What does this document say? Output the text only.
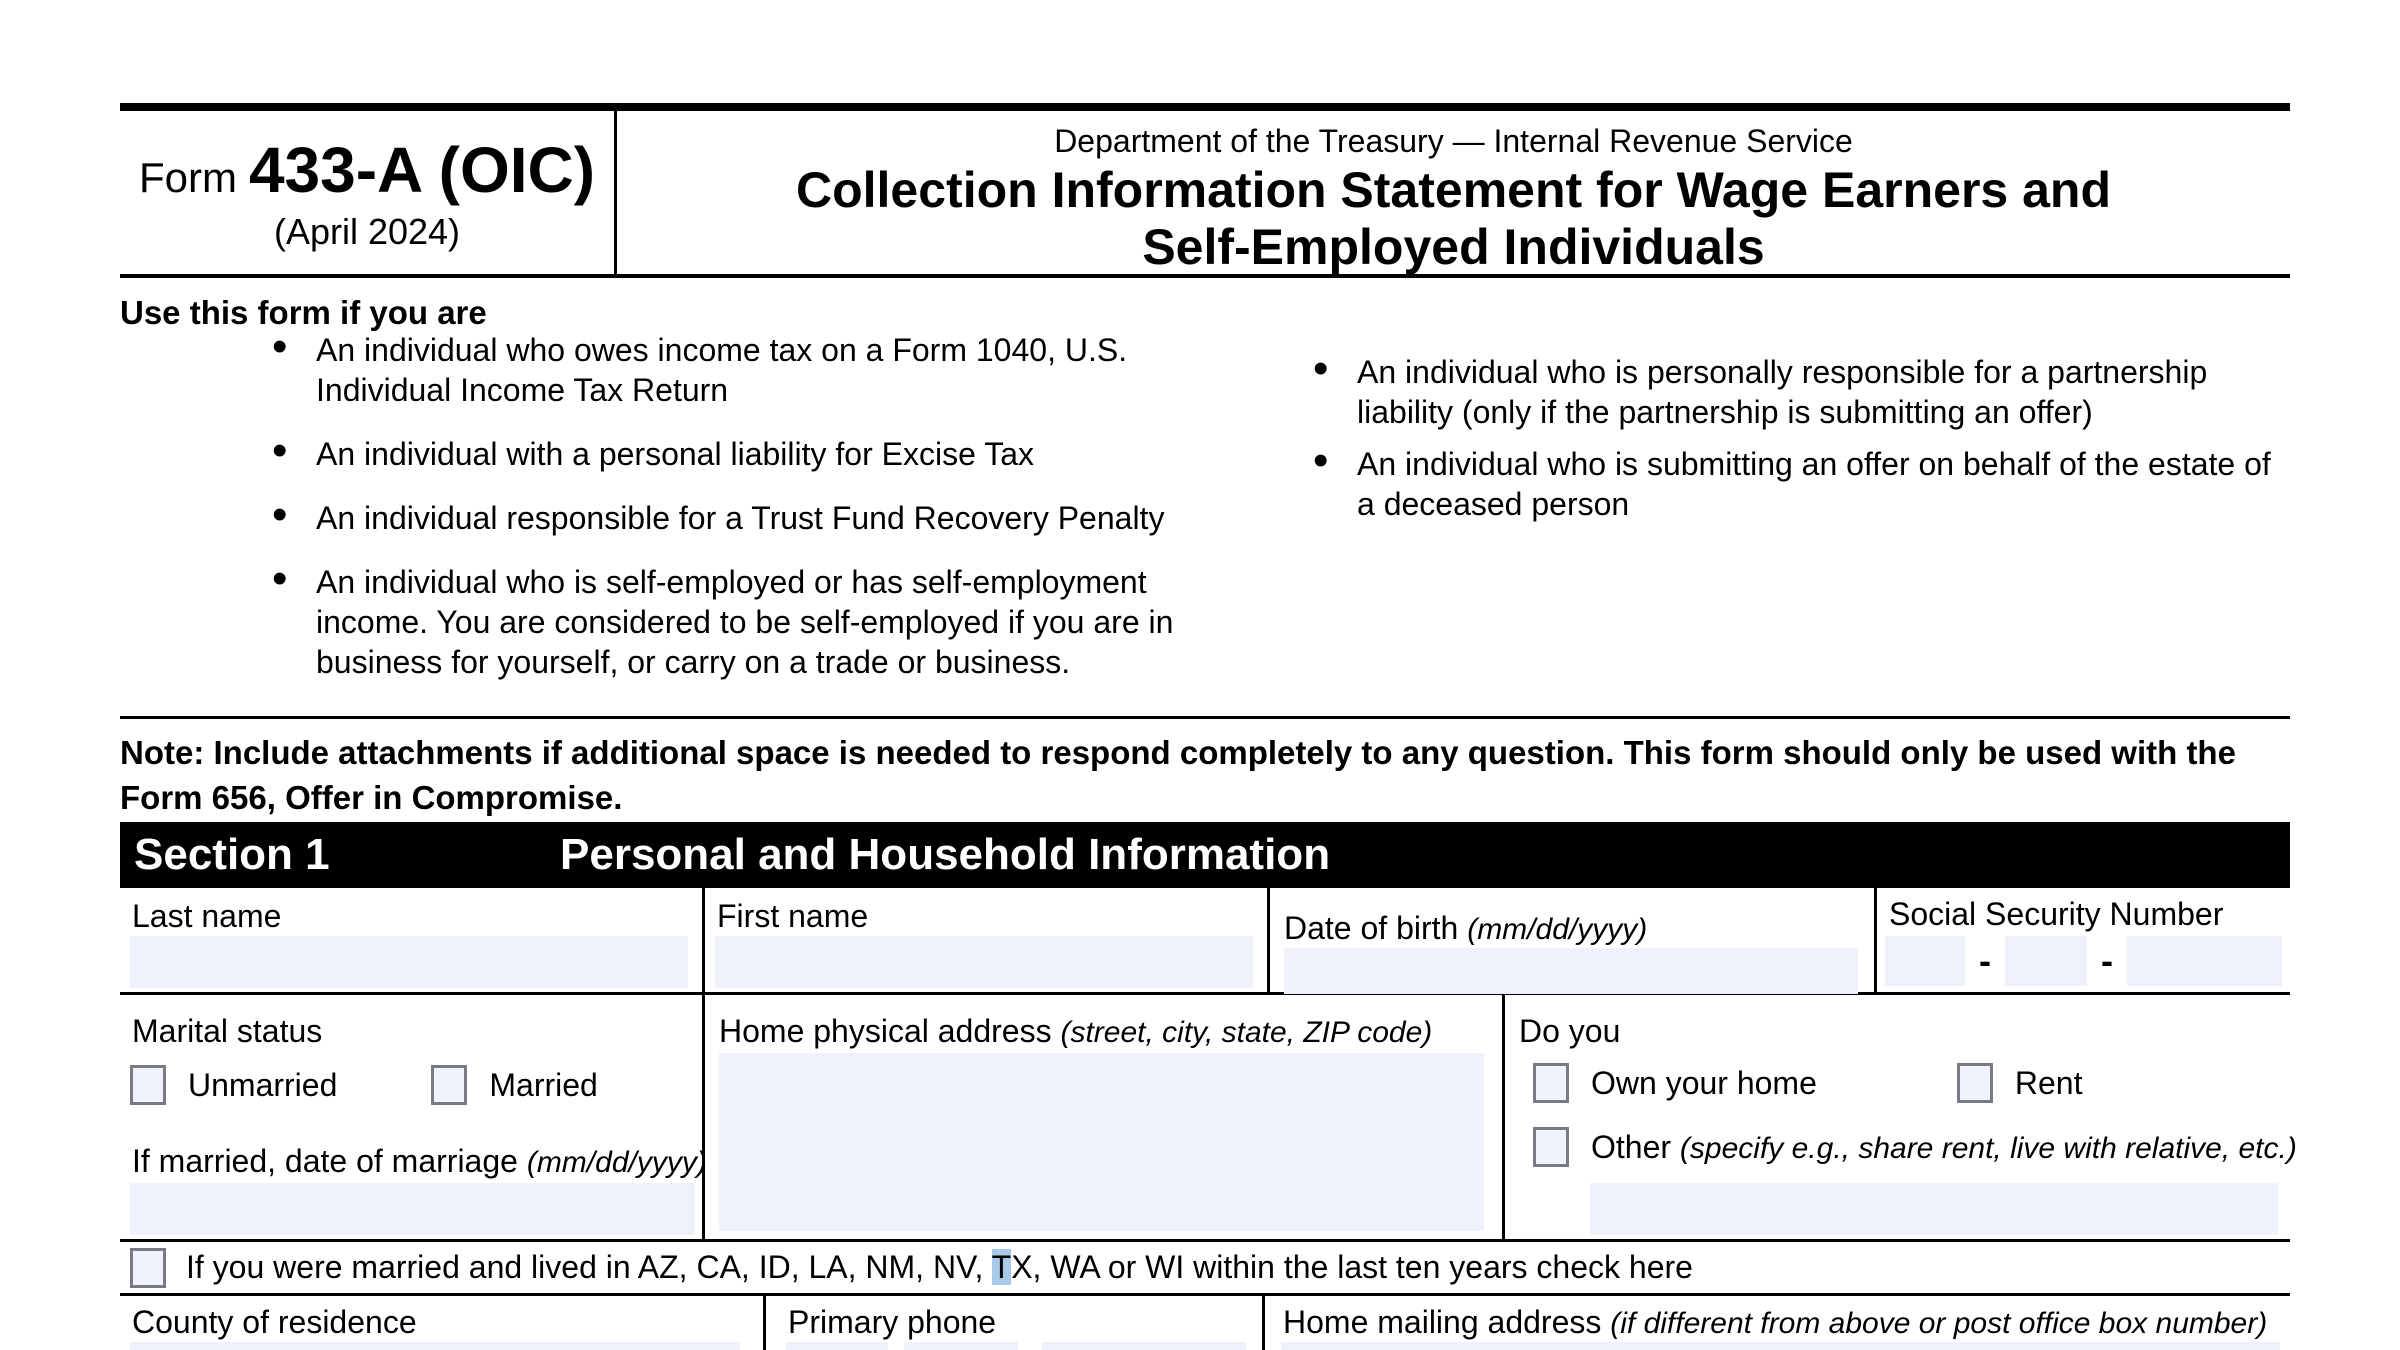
Form 433-A (OIC)
(April 2024)
Department of the Treasury — Internal Revenue Service
Collection Information Statement for Wage Earners and
Self-Employed Individuals
Use this form if you are
• An individual who owes income tax on a Form 1040, U.S. Individual Income Tax Return
• An individual with a personal liability for Excise Tax
• An individual responsible for a Trust Fund Recovery Penalty
• An individual who is self-employed or has self-employment income. You are considered to be self-employed if you are in business for yourself, or carry on a trade or business.
• An individual who is personally responsible for a partnership liability (only if the partnership is submitting an offer)
• An individual who is submitting an offer on behalf of the estate of a deceased person
Note: Include attachments if additional space is needed to respond completely to any question. This form should only be used with the Form 656, Offer in Compromise.
Section 1	Personal and Household Information
Last name	First name	Date of birth (mm/dd/yyyy)	Social Security Number
-	-
Marital status
Unmarried	Married
If married, date of marriage (mm/dd/yyyy)
Home physical address (street, city, state, ZIP code)	Do you
Own your home	Rent
Other (specify e.g., share rent, live with relative, etc.)
If you were married and lived in AZ, CA, ID, LA, NM, NV, TX, WA or WI within the last ten years check here
County of residence	Primary phone	Home mailing address (if different from above or post office box number)
